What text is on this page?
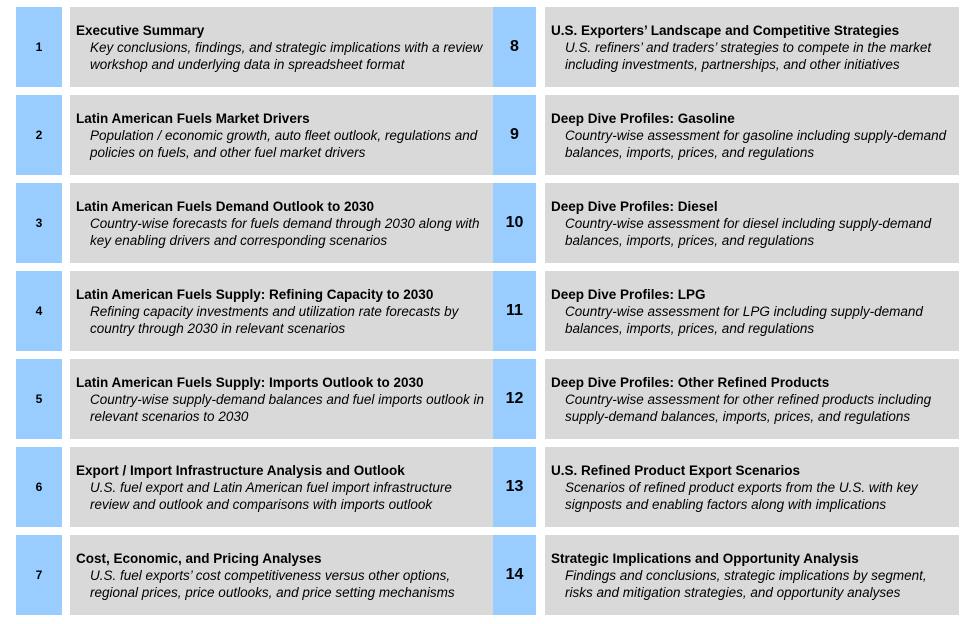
1
Executive Summary
Key conclusions, findings, and strategic implications with a review workshop and underlying data in spreadsheet format
2
Latin American Fuels Market Drivers
Population / economic growth, auto fleet outlook, regulations and policies on fuels, and other fuel market drivers
3
Latin American Fuels Demand Outlook to 2030
Country-wise forecasts for fuels demand through 2030 along with key enabling drivers and corresponding scenarios
4
Latin American Fuels Supply: Refining Capacity to 2030
Refining capacity investments and utilization rate forecasts by country through 2030 in relevant scenarios
5
Latin American Fuels Supply: Imports Outlook to 2030
Country-wise supply-demand balances and fuel imports outlook in relevant scenarios to 2030
6
Export / Import Infrastructure Analysis and Outlook
U.S. fuel export and Latin American fuel import infrastructure review and outlook and comparisons with imports outlook
7
Cost, Economic, and Pricing Analyses
U.S. fuel exports’ cost competitiveness versus other options, regional prices, price outlooks, and price setting mechanisms
8
U.S. Exporters’ Landscape and Competitive Strategies
U.S. refiners’ and traders’ strategies to compete in the market including investments, partnerships, and other initiatives
9
Deep Dive Profiles: Gasoline
Country-wise assessment for gasoline including supply-demand balances, imports, prices, and regulations
10
Deep Dive Profiles: Diesel
Country-wise assessment for diesel including supply-demand balances, imports, prices, and regulations
11
Deep Dive Profiles: LPG
Country-wise assessment for LPG including supply-demand balances, imports, prices, and regulations
12
Deep Dive Profiles: Other Refined Products
Country-wise assessment for other refined products including supply-demand balances, imports, prices, and regulations
13
U.S. Refined Product Export Scenarios
Scenarios of refined product exports from the U.S. with key signposts and enabling factors along with implications
14
Strategic Implications and Opportunity Analysis
Findings and conclusions, strategic implications by segment, risks and mitigation strategies, and opportunity analyses
